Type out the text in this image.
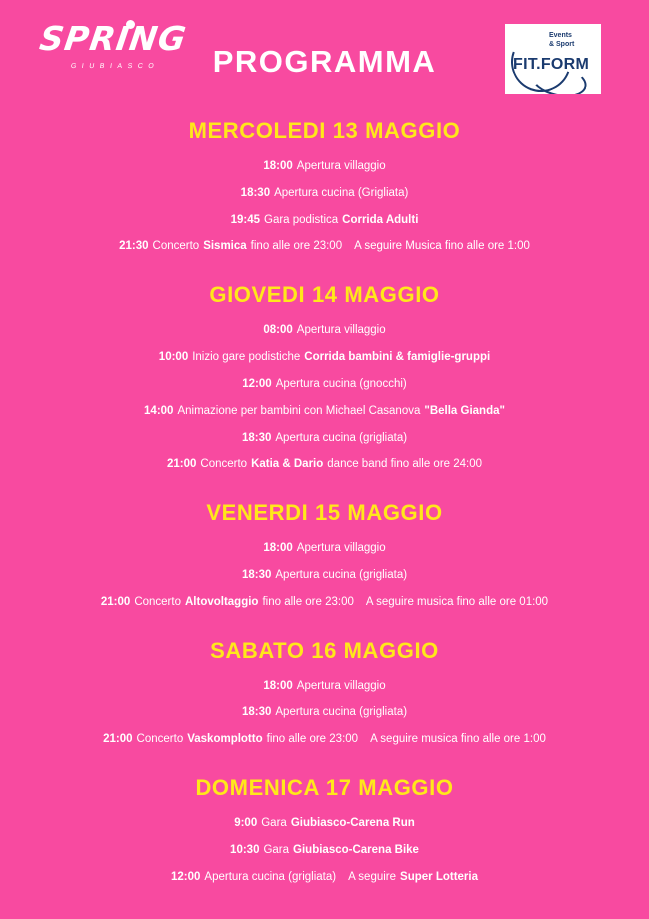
SPRING
GIUBIASCO	PROGRAMMA
Events
& Sport
FIT.FORM
MERCOLEDI 13 MAGGIO
18:00 Apertura villaggio
18:30 Apertura cucina (Grigliata)
19:45 Gara podistica Corrida Adulti
21:30 Concerto Sismica fino alle ore 23:00 A seguire Musica fino alle ore 1:00
GIOVEDI 14 MAGGIO
08:00 Apertura villaggio
10:00 Inizio gare podistiche Corrida bambini & famiglie-gruppi
12:00 Apertura cucina (gnocchi)
14:00 Animazione per bambini con Michael Casanova "Bella Gianda"
18:30 Apertura cucina (grigliata)
21:00 Concerto Katia & Dario dance band fino alle ore 24:00
VENERDI 15 MAGGIO
18:00 Apertura villaggio
18:30 Apertura cucina (grigliata)
21:00 Concerto Altovoltaggio fino alle ore 23:00 A seguire musica fino alle ore 01:00
SABATO 16 MAGGIO
18:00 Apertura villaggio
18:30 Apertura cucina (grigliata)
21:00 Concerto Vaskomplotto fino alle ore 23:00 A seguire musica fino alle ore 1:00
DOMENICA 17 MAGGIO
9:00 Gara Giubiasco-Carena Run
10:30 Gara Giubiasco-Carena Bike
12:00 Apertura cucina (grigliata) A seguire Super Lotteria
